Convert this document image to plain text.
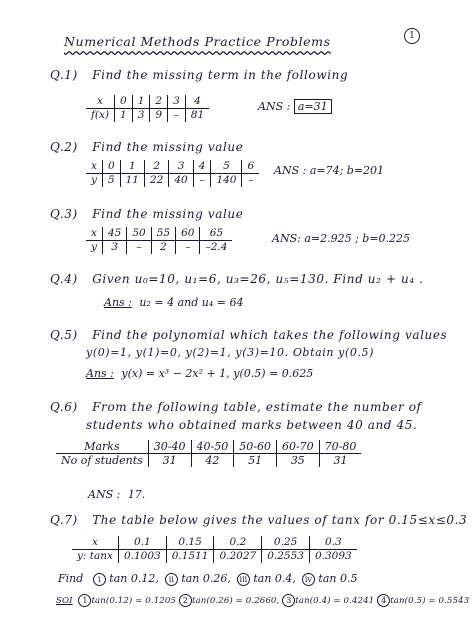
Numerical Methods Practice Problems	1
Q.1) Find the missing term in the following
x	0	1	2	3	4
f(x)	1	3	9	–	81
ANS : a=31
Q.2) Find the missing value
x	0	1	2	3	4	5	6
y	5	11	22	40	–	140	–
ANS : a=74; b=201
Q.3) Find the missing value
x	45	50	55	60	65
y	3	–	2	–	–2.4
ANS: a=2.925 ; b=0.225
Q.4) Given u₀=10, u₁=6, u₃=26, u₅=130. Find u₂ + u₄ .
Ans : u₂ = 4 and u₄ = 64
Q.5) Find the polynomial which takes the following values
y(0)=1, y(1)=0, y(2)=1, y(3)=10. Obtain y(0.5)
Ans : y(x) = x³ − 2x² + 1, y(0.5) = 0.625
Q.6) From the following table, estimate the number of
students who obtained marks between 40 and 45.
Marks	30-40	40-50	50-60	60-70	70-80
No of students	31	42	51	35	31
ANS : 17.
Q.7) The table below gives the values of tanx for 0.15≤x≤0.3
x	0.1	0.15	0.2	0.25	0.3
y: tanx	0.1003	0.1511	0.2027	0.2553	0.3093
Find i tan 0.12, ii tan 0.26, iii tan 0.4, iv tan 0.5
SOI 1 tan(0.12) = 0.1205 2 tan(0.26) = 0.2660, 3 tan(0.4) = 0.4241 4 tan(0.5) = 0.5543
